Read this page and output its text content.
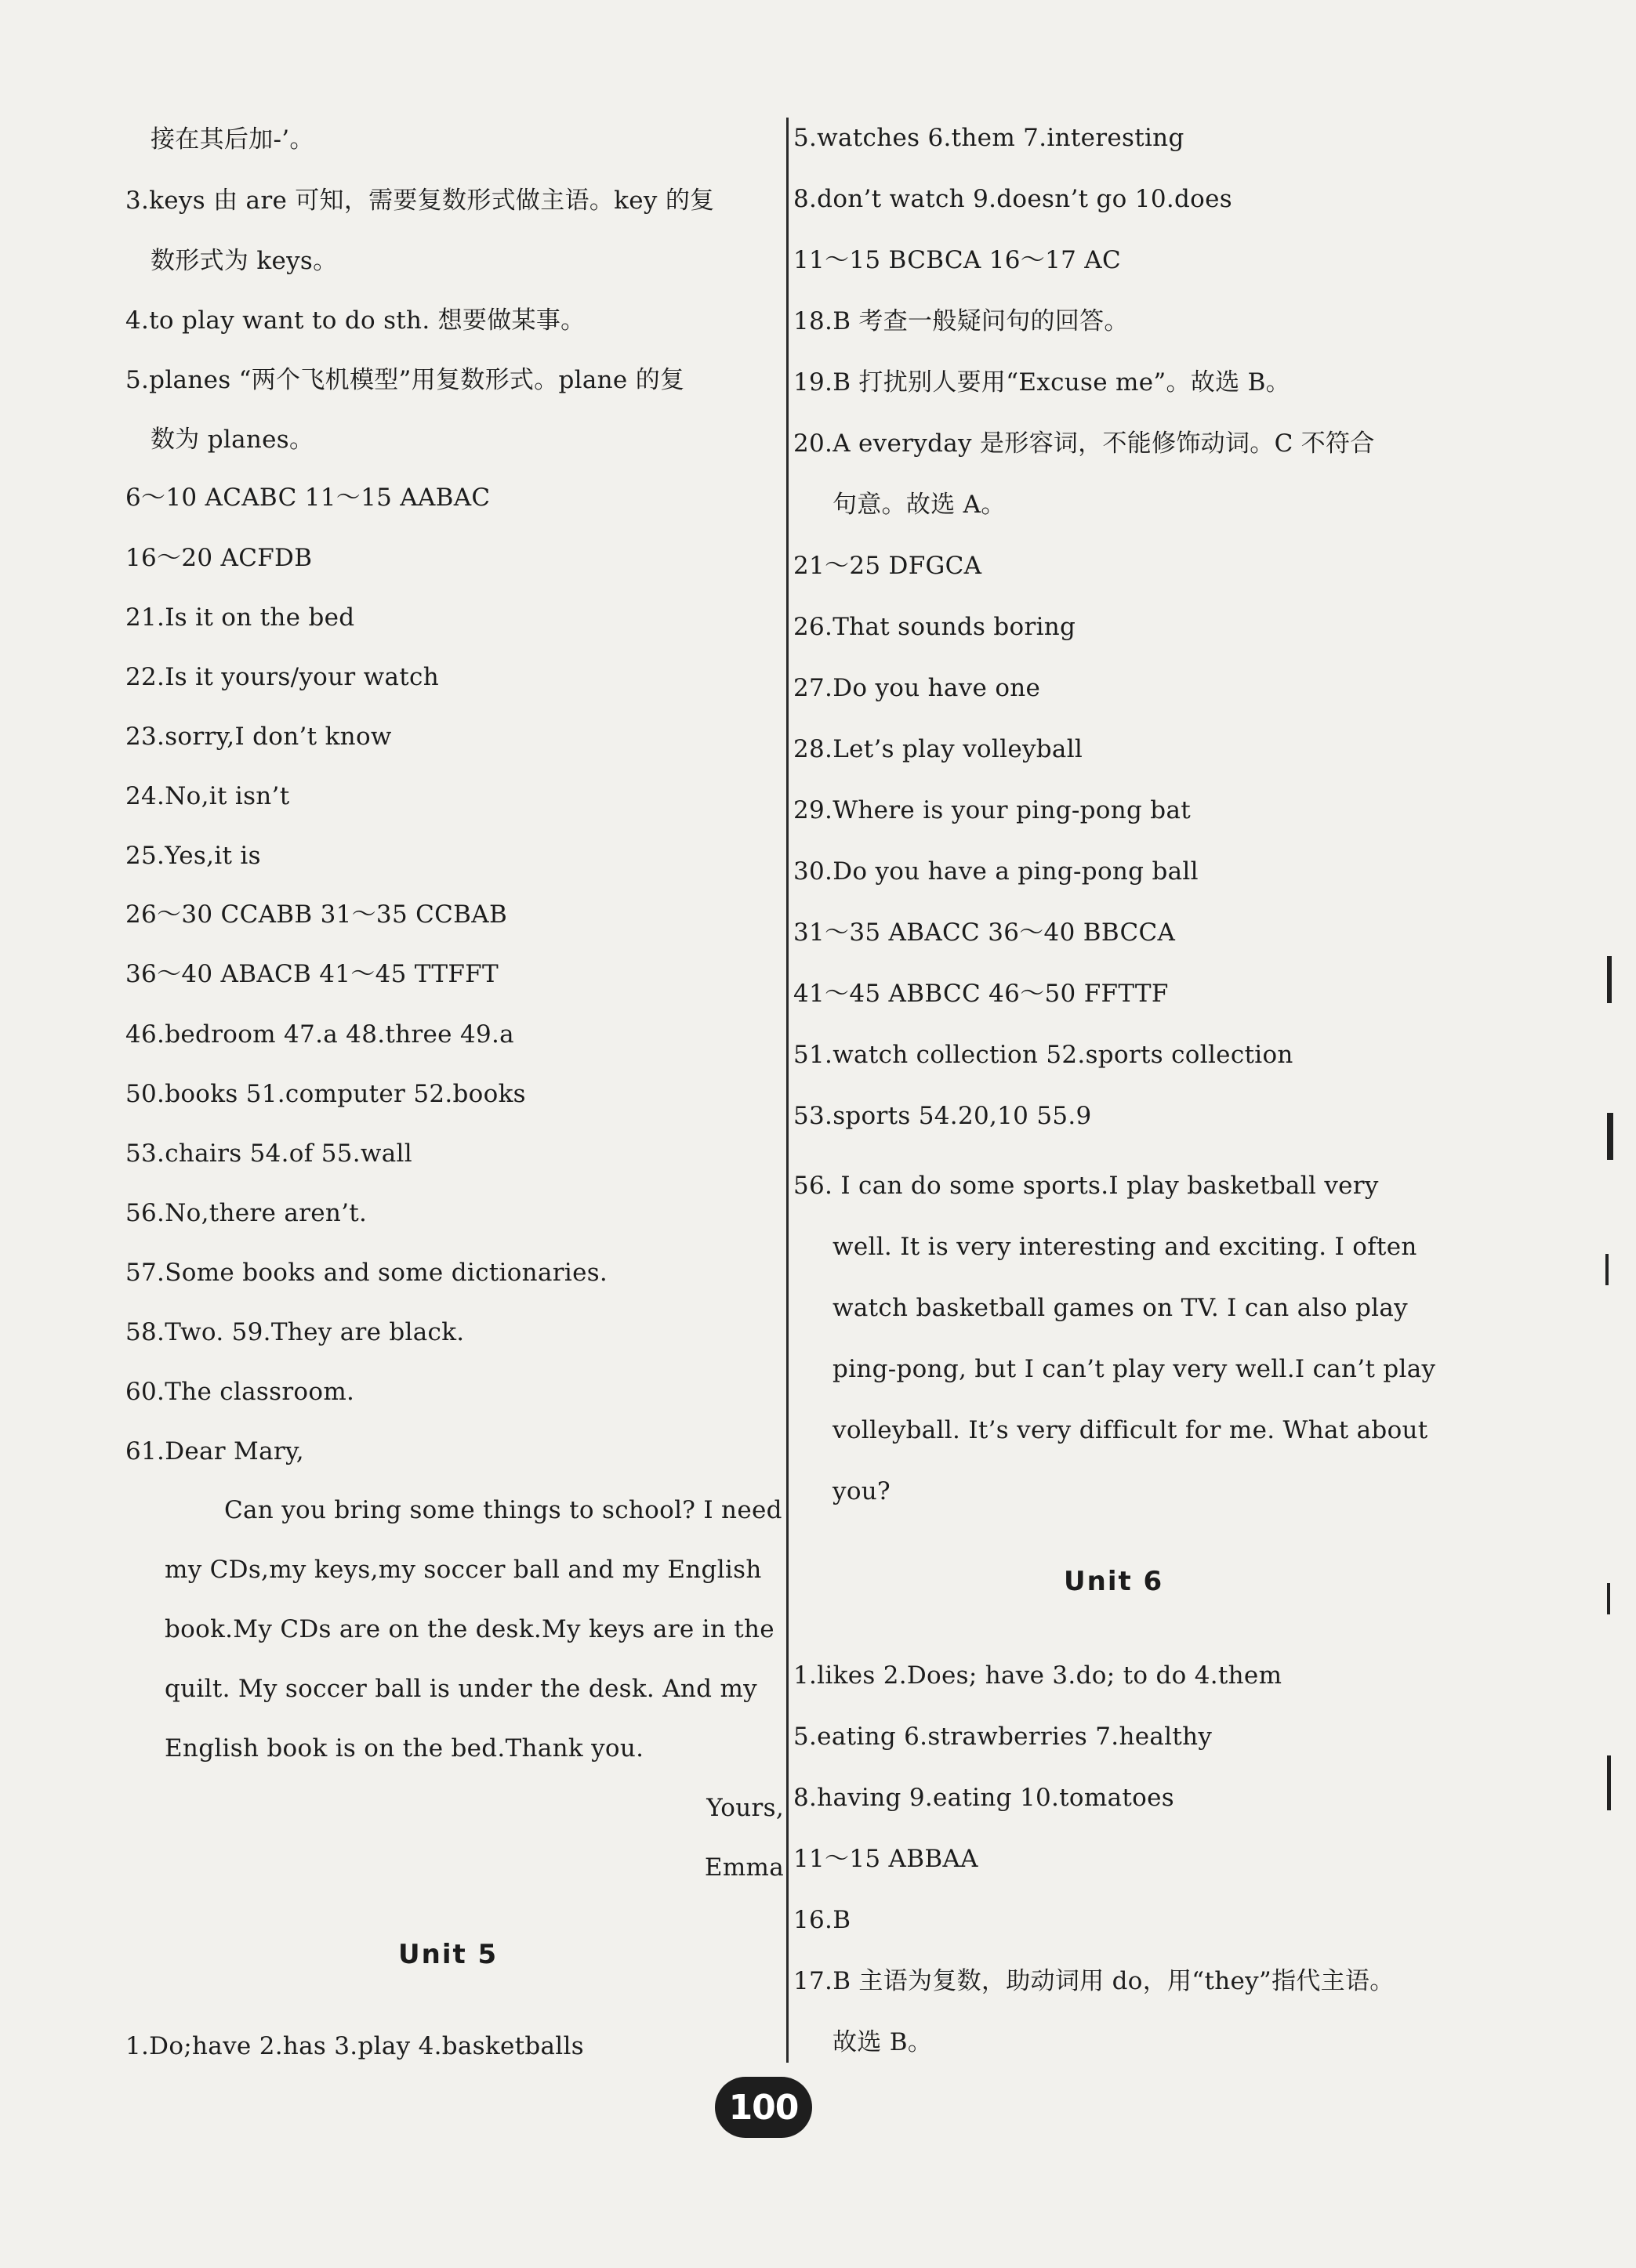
接在其后加-’。
3.keys 由 are 可知，需要复数形式做主语。key 的复
数形式为 keys。
4.to play want to do sth. 想要做某事。
5.planes “两个飞机模型”用复数形式。plane 的复
数为 planes。
6～10 ACABC 11～15 AABAC
16～20 ACFDB
21.Is it on the bed
22.Is it yours/your watch
23.sorry,I don’t know
24.No,it isn’t
25.Yes,it is
26～30 CCABB 31～35 CCBAB
36～40 ABACB 41～45 TTFFT
46.bedroom 47.a 48.three 49.a
50.books 51.computer 52.books
53.chairs 54.of 55.wall
56.No,there aren’t.
57.Some books and some dictionaries.
58.Two. 59.They are black.
60.The classroom.
61.Dear Mary,
Can you bring some things to school? I need
my CDs,my keys,my soccer ball and my English
book.My CDs are on the desk.My keys are in the
quilt. My soccer ball is under the desk. And my
English book is on the bed.Thank you.
Yours,
Emma
1.Do;have 2.has 3.play 4.basketballs
Unit 5
5.watches 6.them 7.interesting
8.don’t watch 9.doesn’t go 10.does
11～15 BCBCA 16～17 AC
18.B 考查一般疑问句的回答。
19.B 打扰别人要用“Excuse me”。故选 B。
20.A everyday 是形容词，不能修饰动词。C 不符合
句意。故选 A。
21～25 DFGCA
26.That sounds boring
27.Do you have one
28.Let’s play volleyball
29.Where is your ping-pong bat
30.Do you have a ping-pong ball
31～35 ABACC 36～40 BBCCA
41～45 ABBCC 46～50 FFTTF
51.watch collection 52.sports collection
53.sports 54.20,10 55.9
56. I can do some sports.I play basketball very
well. It is very interesting and exciting. I often
watch basketball games on TV. I can also play
ping-pong, but I can’t play very well.I can’t play
volleyball. It’s very difficult for me. What about
you?
1.likes 2.Does; have 3.do; to do 4.them
5.eating 6.strawberries 7.healthy
8.having 9.eating 10.tomatoes
11～15 ABBAA
16.B
17.B 主语为复数，助动词用 do，用“they”指代主语。
故选 B。
Unit 6
100
